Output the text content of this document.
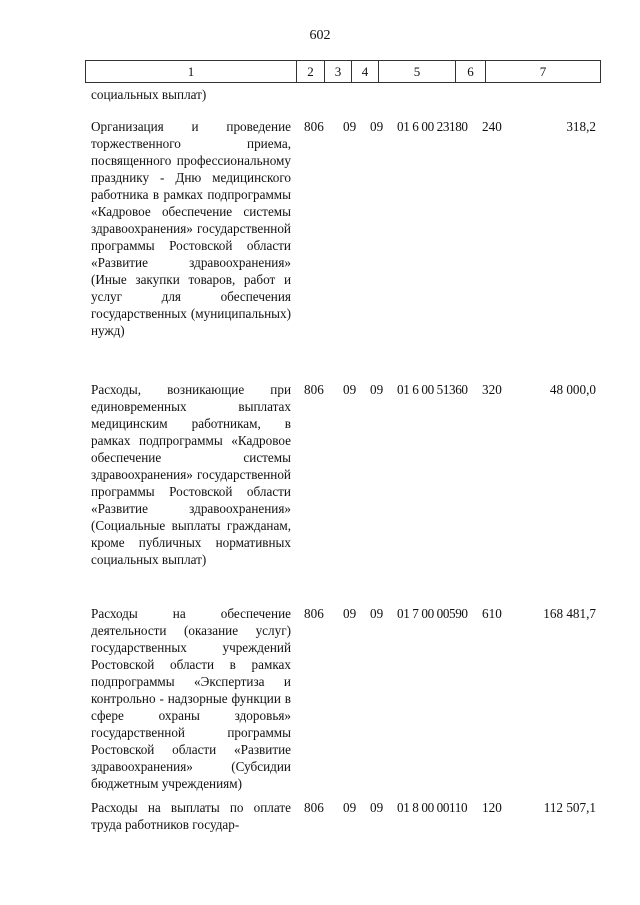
602
1	2	3	4	5	6	7
социальных выплат)
Организация и проведение торжественного приема, посвященного профессиональному празднику - Дню медицинского работника в рамках подпрограммы «Кадровое обеспечение системы здравоохранения» государственной программы Ростовской области «Развитие здравоохранения» (Иные закупки товаров, работ и услуг для обеспечения государственных (муниципальных) нужд)
806	09	09	01 6 00 23180	240	318,2
Расходы, возникающие при единовременных выплатах медицинским работникам, в рамках подпрограммы «Кадровое обеспечение системы здравоохранения» государственной программы Ростовской области «Развитие здравоохранения» (Социальные выплаты гражданам, кроме публичных нормативных социальных выплат)
806	09	09	01 6 00 51360	320	48 000,0
Расходы на обеспечение деятельности (оказание услуг) государственных учреждений Ростовской области в рамках подпрограммы «Экспертиза и контрольно - надзорные функции в сфере охраны здоровья» государственной программы Ростовской области «Развитие здравоохранения» (Субсидии бюджетным учреждениям)
806	09	09	01 7 00 00590	610	168 481,7
Расходы на выплаты по оплате труда работников государ-
806	09	09	01 8 00 00110	120	112 507,1
